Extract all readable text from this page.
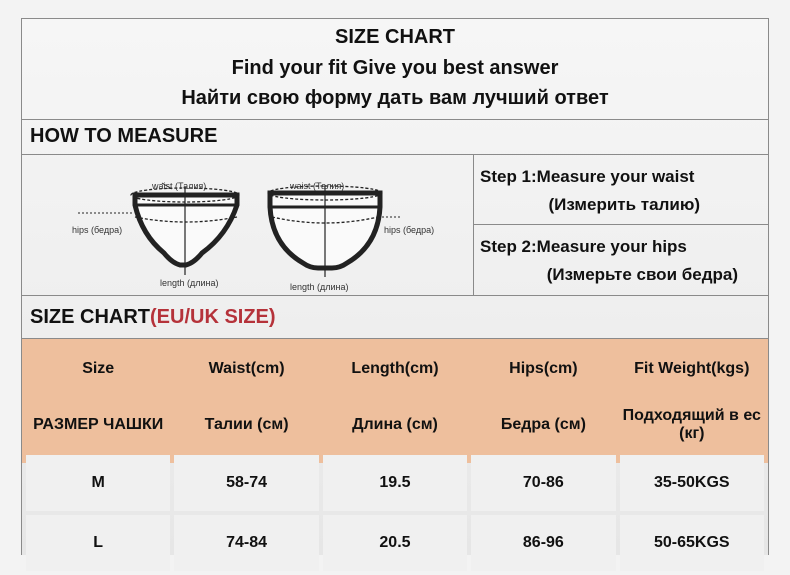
SIZE CHART
Find your fit Give you best answer
Найти свою форму дать вам лучший ответ
HOW TO MEASURE
waist (Талия)
hips (бедра)
length (длина)
waist (Талия)
hips (бедра)
length (длина)
Step 1:Measure your waist
(Измерить талию)
Step 2:Measure your hips
(Измерьте свои бедра)
SIZE CHART(EU/UK SIZE)
Size	Waist(cm)	Length(cm)	Hips(cm)	Fit Weight(kgs)
РАЗМЕР ЧАШКИ	Талии (см)	Длина (см)	Бедра (см)	Подходящий в ес (кг)
M	58-74	19.5	70-86	35-50KGS
L	74-84	20.5	86-96	50-65KGS
